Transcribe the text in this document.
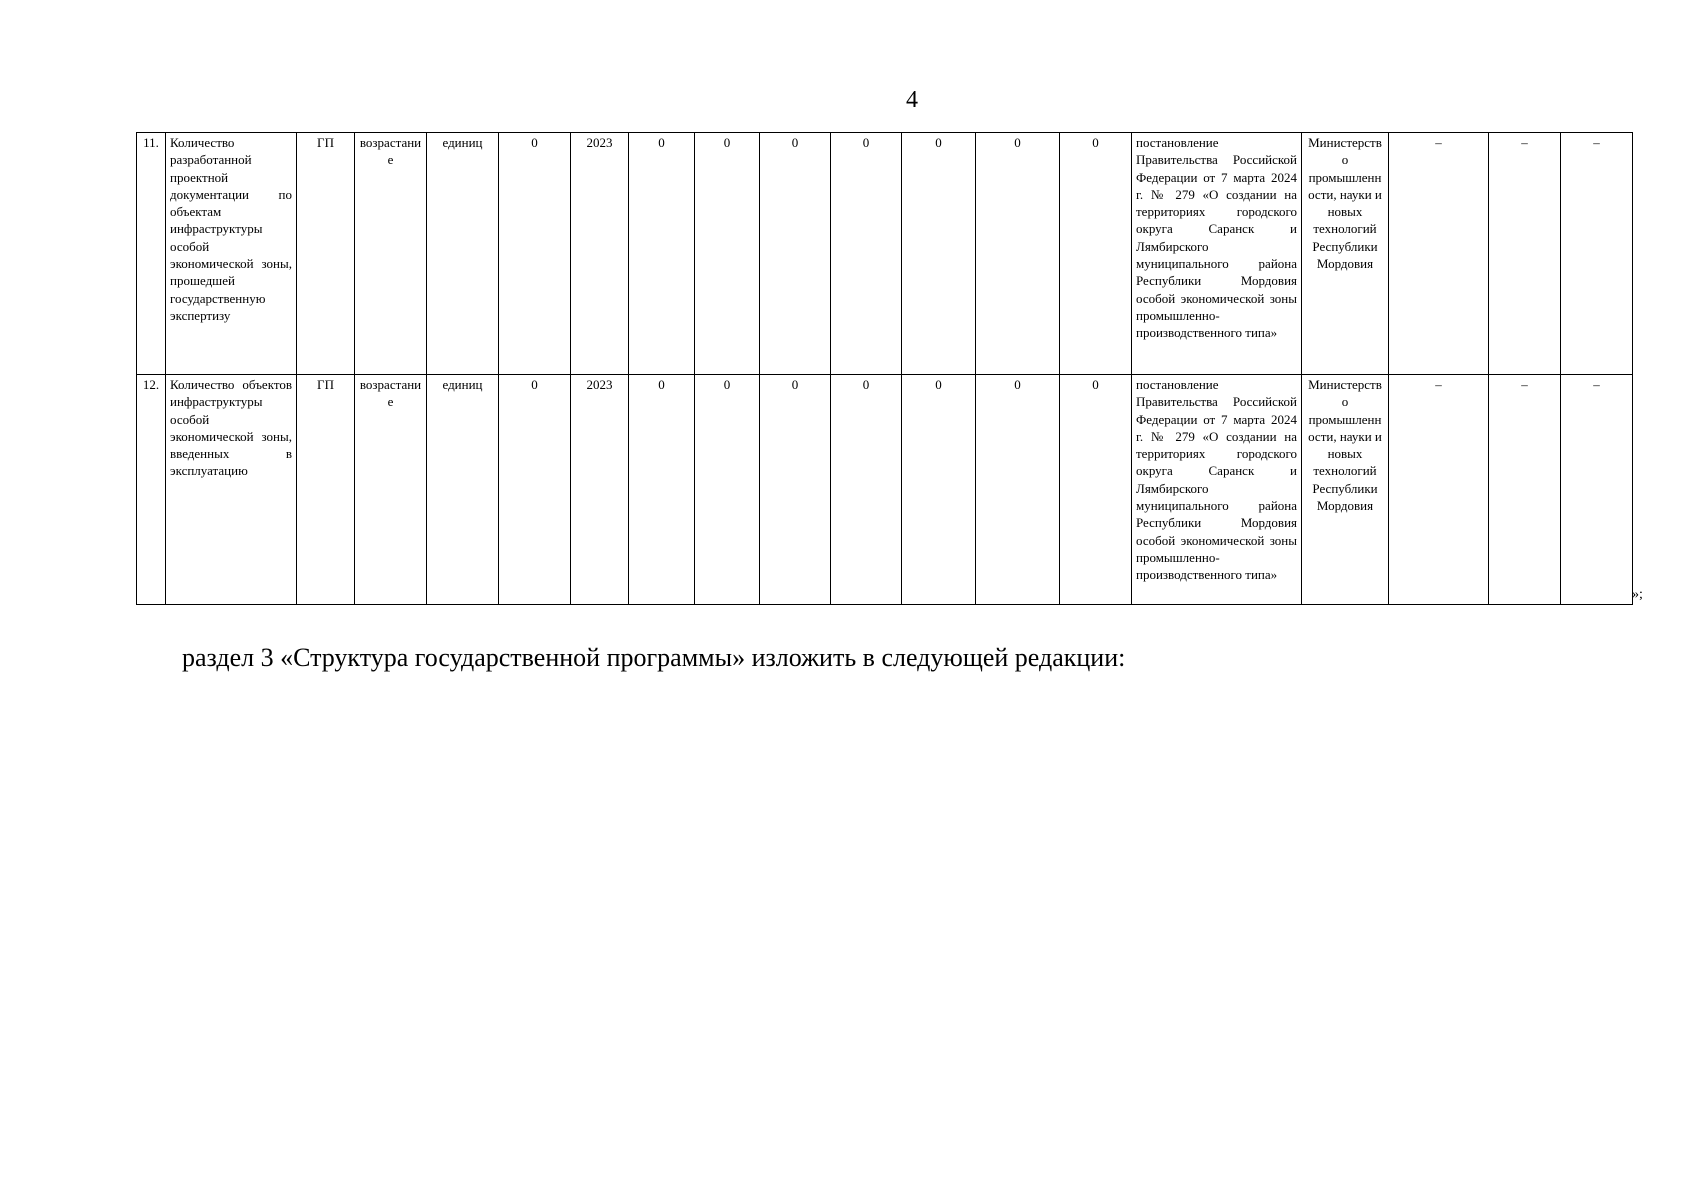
4
11.	Количество разработанной проектной документации по объектам инфраструктуры особой экономической зоны, прошедшей государственную экспертизу	ГП	возрастание	единиц	0	2023	0	0	0	0	0	0	0	постановление Правительства Российской Федерации от 7 марта 2024 г. № 279 «О создании на территориях городского округа Саранск и Лямбирского муниципального района Республики Мордовия особой экономической зоны промышленно-производственного типа»	Министерство промышленности, науки и новых технологий Республики Мордовия	–	–	–
12.	Количество объектов инфраструктуры особой экономической зоны, введенных в эксплуатацию	ГП	возрастание	единиц	0	2023	0	0	0	0	0	0	0	постановление Правительства Российской Федерации от 7 марта 2024 г. № 279 «О создании на территориях городского округа Саранск и Лямбирского муниципального района Республики Мордовия особой экономической зоны промышленно-производственного типа»	Министерство промышленности, науки и новых технологий Республики Мордовия	–	–	–
»;
раздел 3 «Структура государственной программы» изложить в следующей редакции:
